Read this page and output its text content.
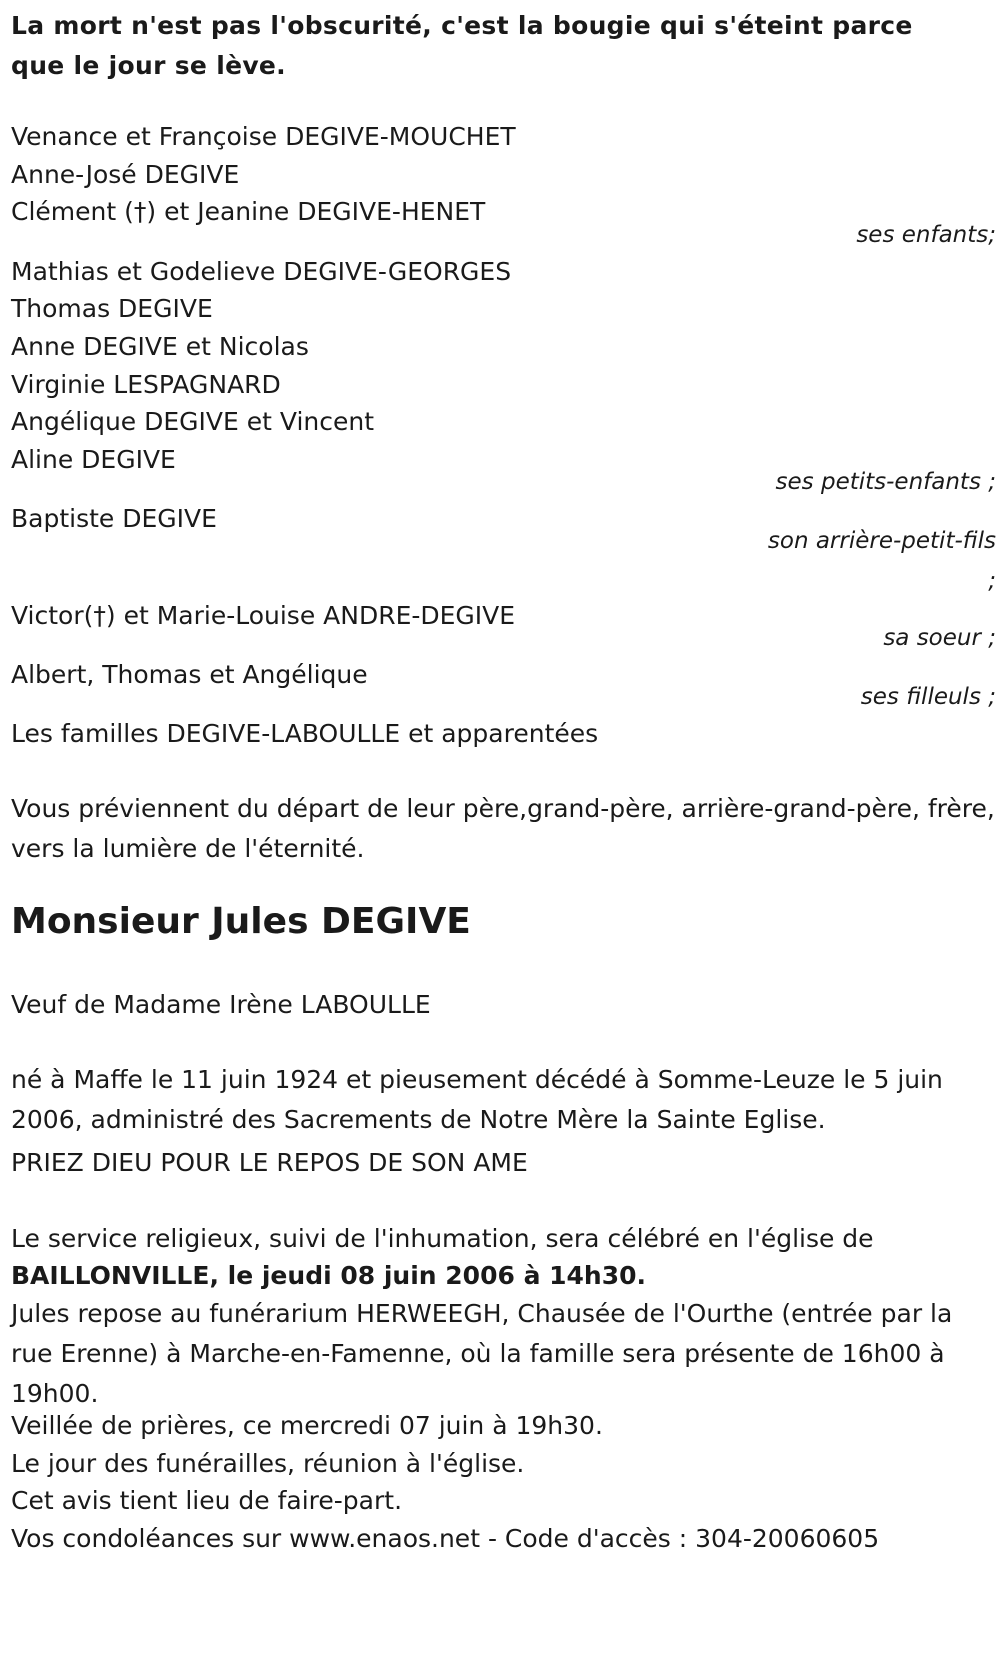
La mort n'est pas l'obscurité, c'est la bougie qui s'éteint parce que le jour se lève.
Venance et Françoise DEGIVE-MOUCHET
Anne-José DEGIVE
Clément (†) et Jeanine DEGIVE-HENET
ses enfants;
Mathias et Godelieve DEGIVE-GEORGES
Thomas DEGIVE
Anne DEGIVE et Nicolas
Virginie LESPAGNARD
Angélique DEGIVE et Vincent
Aline DEGIVE
ses petits-enfants ;
Baptiste DEGIVE
son arrière-petit-fils
;
Victor(†) et Marie-Louise ANDRE-DEGIVE
sa soeur ;
Albert, Thomas et Angélique
ses filleuls ;
Les familles DEGIVE-LABOULLE et apparentées
Vous préviennent du départ de leur père,grand-père, arrière-grand-père, frère, vers la lumière de l'éternité.
Monsieur Jules DEGIVE
Veuf de Madame Irène LABOULLE
né à Maffe le 11 juin 1924 et pieusement décédé à Somme-Leuze le 5 juin 2006, administré des Sacrements de Notre Mère la Sainte Eglise.
PRIEZ DIEU POUR LE REPOS DE SON AME
Le service religieux, suivi de l'inhumation, sera célébré en l'église de
BAILLONVILLE, le jeudi 08 juin 2006 à 14h30.
Jules repose au funérarium HERWEEGH, Chausée de l'Ourthe (entrée par la rue Erenne) à Marche-en-Famenne, où la famille sera présente de 16h00 à 19h00.
Veillée de prières, ce mercredi 07 juin à 19h30.
Le jour des funérailles, réunion à l'église.
Cet avis tient lieu de faire-part.
Vos condoléances sur www.enaos.net - Code d'accès : 304-20060605
